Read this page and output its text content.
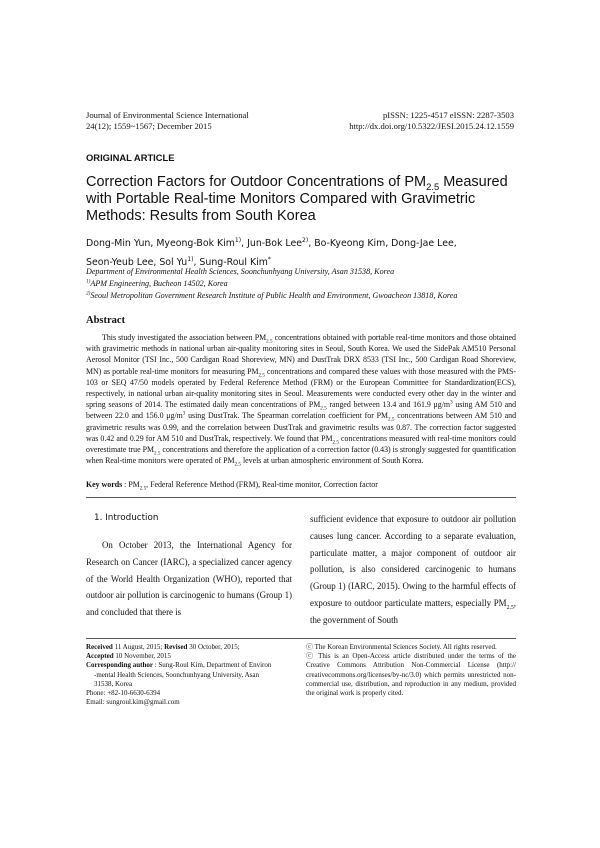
Journal of Environmental Science International
24(12); 1559~1567; December 2015
pISSN: 1225-4517 eISSN: 2287-3503
http://dx.doi.org/10.5322/JESI.2015.24.12.1559
ORIGINAL ARTICLE
Correction Factors for Outdoor Concentrations of $PM_{2.5}$ Measured with Portable Real-time Monitors Compared with Gravimetric Methods: Results from South Korea
Dong-Min Yun, Myeong-Bok Kim$^{1)}$, Jun-Bok Lee$^{2)}$, Bo-Kyeong Kim, Dong-Jae Lee,
Seon-Yeub Lee, Sol Yu$^{1)}$, Sung-Roul Kim*
Department of Environmental Health Sciences, Soonchunhyang University, Asan 31538, Korea
$^{1)}$APM Engineering, Bucheon 14502, Korea
$^{2)}$Seoul Metropolitan Government Research Institute of Public Health and Environment, Gwoacheon 13818, Korea
Abstract
This study investigated the association between $PM_{2.5}$ concentrations obtained with portable real-time monitors and those obtained with gravimetric methods in national urban air-quality monitoring sites in Seoul, South Korea. We used the SidePak AM510 Personal Aerosol Monitor (TSI Inc., 500 Cardigan Road Shoreview, MN) and DustTrak DRX 8533 (TSI Inc., 500 Cardigan Road Shoreview, MN) as portable real-time monitors for measuring $PM_{2.5}$ concentrations and compared these values with those measured with the PMS-103 or SEQ 47/50 models operated by Federal Reference Method (FRM) or the European Committee for Standardization(ECS), respectively, in national urban air-quality monitoring sites in Seoul. Measurements were conducted every other day in the winter and spring seasons of 2014. The estimated daily mean concentrations of $PM_{2.5}$ ranged between 13.4 and 161.9 $\mu g/m^3$ using AM 510 and between 22.0 and 156.0 $\mu g/m^3$ using DustTrak. The Spearman correlation coefficient for $PM_{2.5}$ concentrations between AM 510 and gravimetric results was 0.99, and the correlation between DustTrak and gravimetric results was 0.87. The correction factor suggested was 0.42 and 0.29 for AM 510 and DustTrak, respectively. We found that $PM_{2.5}$ concentrations measured with real-time monitors could overestimate true $PM_{2.5}$ concentrations and therefore the application of a correction factor (0.43) is strongly suggested for quantification when Real-time monitors were operated of $PM_{2.5}$ levels at urban atmospheric environment of South Korea.
Key words : $PM_{2.5}$, Federal Reference Method (FRM), Real-time monitor, Correction factor
1. Introduction
On October 2013, the International Agency for Research on Cancer (IARC), a specialized cancer agency of the World Health Organization (WHO), reported that outdoor air pollution is carcinogenic to humans (Group 1) and concluded that there is
sufficient evidence that exposure to outdoor air pollution causes lung cancer. According to a separate evaluation, particulate matter, a major component of outdoor air pollution, is also considered carcinogenic to humans (Group 1) (IARC, 2015). Owing to the harmful effects of exposure to outdoor particulate matters, especially $PM_{2.5}$, the government of South
Received 11 August, 2015; Revised 30 October, 2015;
Accepted 10 November, 2015
Corresponding author : Sung-Roul Kim, Department of Environ
-mental Health Sciences, Soonchunhyang University, Asan
31538, Korea
Phone: +82-10-6630-6394
Email: sungroul.kim@gmail.com
ⓒ The Korean Environmental Sciences Society. All rights reserved.
ⓒ This is an Open-Access article distributed under the terms of the Creative Commons Attribution Non-Commercial License (http:// creativecommons.org/licenses/by-nc/3.0) which permits unrestricted non-commercial use, distribution, and reproduction in any medium, provided the original work is properly cited.
